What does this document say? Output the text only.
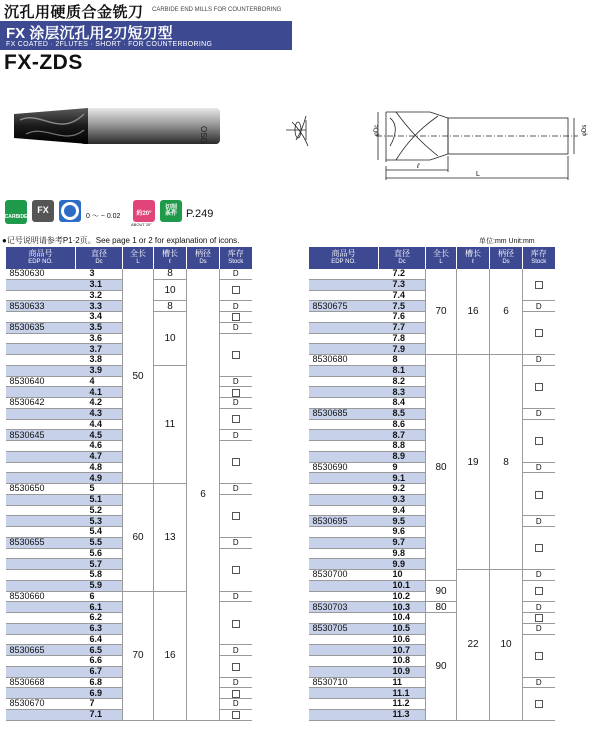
沉孔用硬质合金铣刀 CARBIDE END MILLS FOR COUNTERBORING
FX 涂层沉孔用2刃短刃型
FX COATED · 2FLUTES · SHORT · FOR COUNTERBORING
FX-ZDS
OSG	φDc	φDs
ℓ
L
CARBIDE
FX
0 ～ − 0.02	約20°
ABOUT 20°
切削
条件 P.249
●记号说明请参考P1·2页。See page 1 or 2 for explanation of icons.	单位:mm Unit:mm
商品号
EDP NO.	直径
Dc	全长
L	槽长
ℓ	柄径
Ds	库存
Stock

8530630	3	50	8	6	D
	3.1		10		
	3.2				
8530633	3.3		8		D
	3.4		10		
8530635	3.5				D
	3.6				
	3.7				
	3.8				
	3.9		11		
8530640	4				D
	4.1				
8530642	4.2				D
	4.3				
	4.4				
8530645	4.5				D
	4.6				
	4.7				
	4.8				
	4.9				
8530650	5	60	13		D
	5.1				
	5.2				
	5.3				
	5.4				
8530655	5.5				D
	5.6				
	5.7				
	5.8				
	5.9				
8530660	6	70	16		D
	6.1				
	6.2				
	6.3				
	6.4				
8530665	6.5				D
	6.6				
	6.7				
8530668	6.8				D
	6.9				
8530670	7				D
	7.1				
商品号
EDP NO.	直径
Dc	全长
L	槽长
ℓ	柄径
Ds	库存
Stock

	7.2	70	16	6	
	7.3				
	7.4				
8530675	7.5				D
	7.6				
	7.7				
	7.8				
	7.9				
8530680	8	80	19	8	D
	8.1				
	8.2				
	8.3				
	8.4				
8530685	8.5				D
	8.6				
	8.7				
	8.8				
	8.9				
8530690	9				D
	9.1				
	9.2				
	9.3				
	9.4				
8530695	9.5				D
	9.6				
	9.7				
	9.8				
	9.9				
8530700	10		22	10	D
	10.1	90			
	10.2				
8530703	10.3	80			D
	10.4	90			
8530705	10.5				D
	10.6				
	10.7				
	10.8				
	10.9				
8530710	11				D
	11.1				
	11.2				
	11.3				
